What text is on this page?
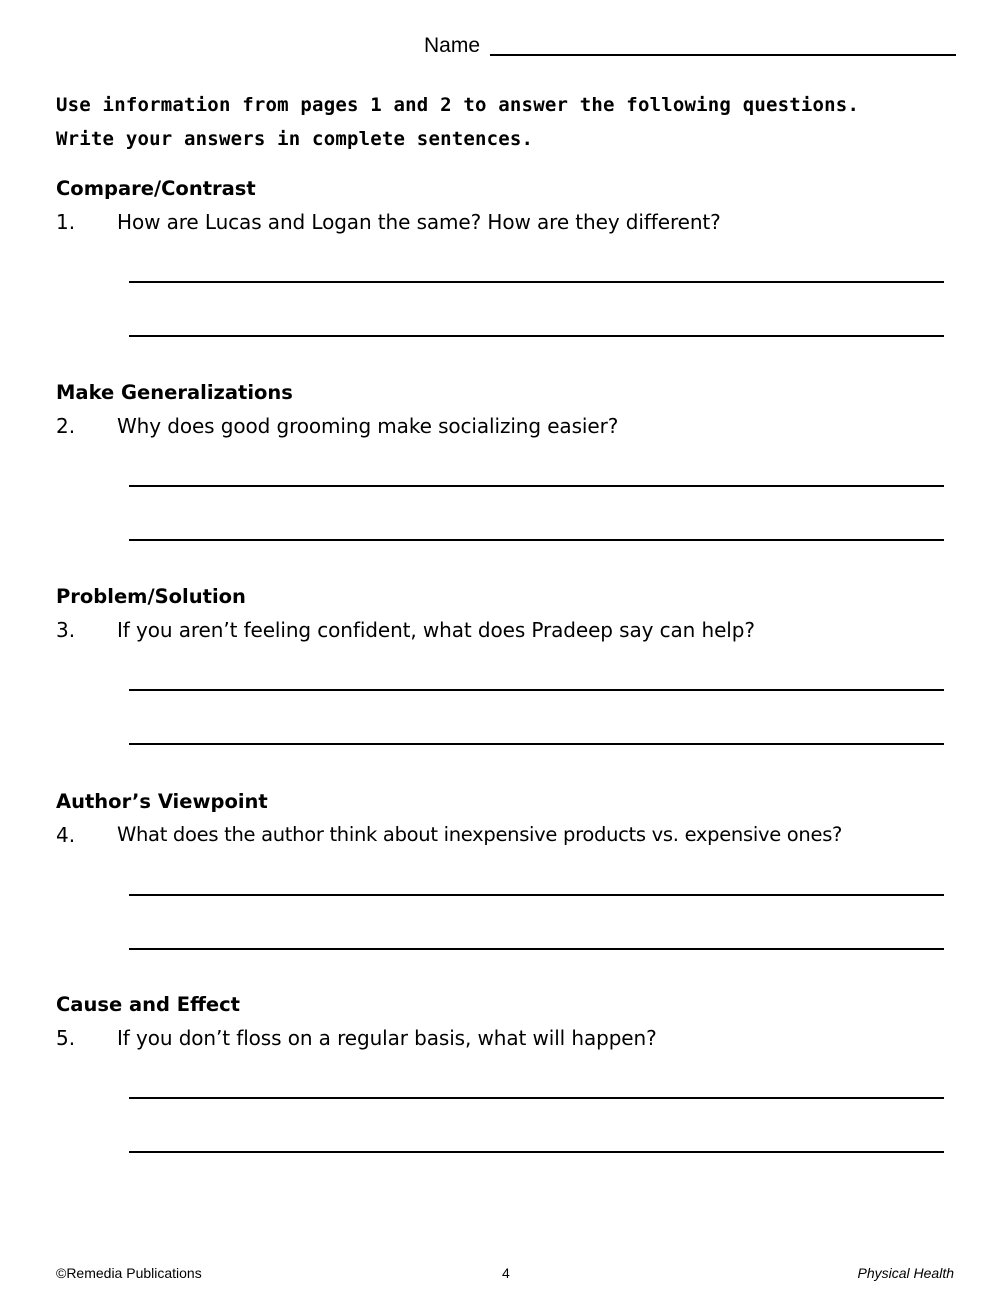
Name
Use information from pages 1 and 2 to answer the following questions.
Write your answers in complete sentences.
Compare/Contrast
1.	How are Lucas and Logan the same? How are they different?
Make Generalizations
2.	Why does good grooming make socializing easier?
Problem/Solution
3.	If you aren’t feeling confident, what does Pradeep say can help?
Author’s Viewpoint
4.	What does the author think about inexpensive products vs. expensive ones?
Cause and Effect
5.	If you don’t floss on a regular basis, what will happen?
©Remedia Publications	4	Physical Health
